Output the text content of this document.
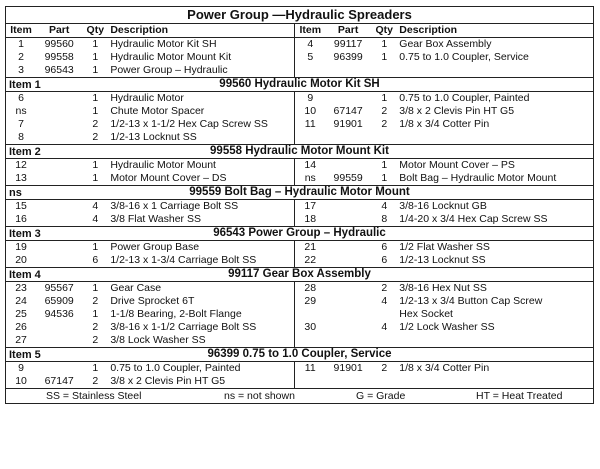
Power Group —Hydraulic Spreaders
Item	Part	Qty	Description	Item	Part	Qty	Description
1	99560	1	Hydraulic Motor Kit SH	4	99117	1	Gear Box Assembly
2	99558	1	Hydraulic Motor Mount Kit	5	96399	1	0.75 to 1.0 Coupler, Service
3	96543	1	Power Group – Hydraulic				
Item 1	99560 Hydraulic Motor Kit SH
6		1	Hydraulic Motor	9		1	0.75 to 1.0 Coupler, Painted
ns		1	Chute Motor Spacer	10	67147	2	3/8 x 2 Clevis Pin HT G5
7		2	1/2-13 x 1-1/2 Hex Cap Screw SS	11	91901	2	1/8 x 3/4 Cotter Pin
8		2	1/2-13 Locknut SS				
Item 2	99558 Hydraulic Motor Mount Kit
12		1	Hydraulic Motor Mount	14		1	Motor Mount Cover – PS
13		1	Motor Mount Cover – DS	ns	99559	1	Bolt Bag – Hydraulic Motor Mount
ns	99559 Bolt Bag – Hydraulic Motor Mount
15		4	3/8-16 x 1 Carriage Bolt SS	17		4	3/8-16 Locknut GB
16		4	3/8 Flat Washer SS	18		8	1/4-20 x 3/4 Hex Cap Screw SS
Item 3	96543 Power Group – Hydraulic
19		1	Power Group Base	21		6	1/2 Flat Washer SS
20		6	1/2-13 x 1-3/4 Carriage Bolt SS	22		6	1/2-13 Locknut SS
Item 4	99117 Gear Box Assembly
23	95567	1	Gear Case	28		2	3/8-16 Hex Nut SS
24	65909	2	Drive Sprocket 6T	29		4	1/2-13 x 3/4 Button Cap Screw
25	94536	1	1-1/8 Bearing, 2-Bolt Flange				Hex Socket
26		2	3/8-16 x 1-1/2 Carriage Bolt SS	30		4	1/2 Lock Washer SS
27		2	3/8 Lock Washer SS				
Item 5	96399 0.75 to 1.0 Coupler, Service
9		1	0.75 to 1.0 Coupler, Painted	11	91901	2	1/8 x 3/4 Cotter Pin
10	67147	2	3/8 x 2 Clevis Pin HT G5				
SS = Stainless Steel	ns = not shown	G = Grade	HT = Heat Treated
